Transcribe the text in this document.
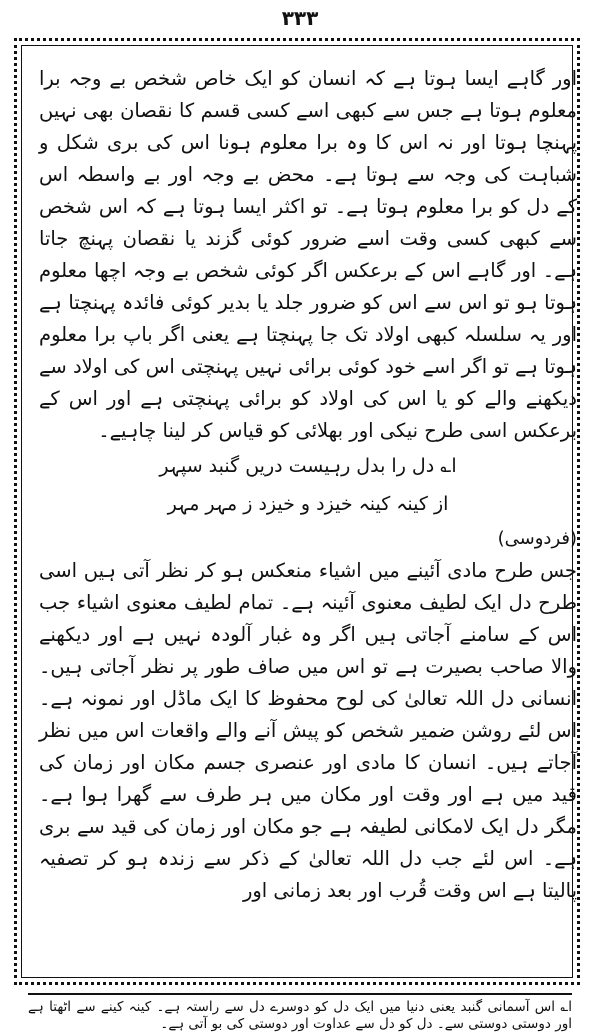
۳۳۳

اور گاہے ایسا ہوتا ہے کہ انسان کو ایک خاص شخص بے وجہ برا معلوم ہوتا ہے جس سے کبھی اسے کسی قسم کا نقصان بھی نہیں پہنچا ہوتا اور نہ اس کا وہ برا معلوم ہونا اس کی بری شکل و شباہت کی وجہ سے ہوتا ہے۔ محض بے وجہ اور بے واسطہ اس کے دل کو برا معلوم ہوتا ہے۔ تو اکثر ایسا ہوتا ہے کہ اس شخص سے کبھی کسی وقت اسے ضرور کوئی گزند یا نقصان پہنچ جاتا ہے۔ اور گاہے اس کے برعکس اگر کوئی شخص بے وجہ اچھا معلوم ہوتا ہو تو اس سے اس کو ضرور جلد یا بدیر کوئی فائدہ پہنچتا ہے اور یہ سلسلہ کبھی اولاد تک جا پہنچتا ہے یعنی اگر باپ برا معلوم ہوتا ہے تو اگر اسے خود کوئی برائی نہیں پہنچتی اس کی اولاد سے دیکھنے والے کو یا اس کی اولاد کو برائی پہنچتی ہے اور اس کے برعکس اسی طرح نیکی اور بھلائی کو قیاس کر لینا چاہیے۔

ا؎ دل را بدل رہیست دریں گنبد سپہر
از کینہ کینہ خیزد و خیزد ز مہر مہر

(فردوسی)

جس طرح مادی آئینے میں اشیاء منعکس ہو کر نظر آتی ہیں اسی طرح دل ایک لطیف معنوی آئینہ ہے۔ تمام لطیف معنوی اشیاء جب اس کے سامنے آجاتی ہیں اگر وہ غبار آلودہ نہیں ہے اور دیکھنے والا صاحب بصیرت ہے تو اس میں صاف طور پر نظر آجاتی ہیں۔ انسانی دل اللہ تعالیٰ کی لوح محفوظ کا ایک ماڈل اور نمونہ ہے۔ اس لئے روشن ضمیر شخص کو پیش آنے والے واقعات اس میں نظر آجاتے ہیں۔ انسان کا مادی اور عنصری جسم مکان اور زمان کی قید میں ہے اور وقت اور مکان میں ہر طرف سے گھرا ہوا ہے۔ مگر دل ایک لامکانی لطیفہ ہے جو مکان اور زمان کی قید سے بری ہے۔ اس لئے جب دل اللہ تعالیٰ کے ذکر سے زندہ ہو کر تصفیہ پالیتا ہے اس وقت قُرب اور بعد زمانی اور

ا؎ اس آسمانی گنبد یعنی دنیا میں ایک دل کو دوسرے دل سے راستہ ہے۔ کینہ کینے سے اٹھتا ہے اور دوستی دوستی سے۔ دل کو دل سے عداوت اور دوستی کی بو آتی ہے۔
